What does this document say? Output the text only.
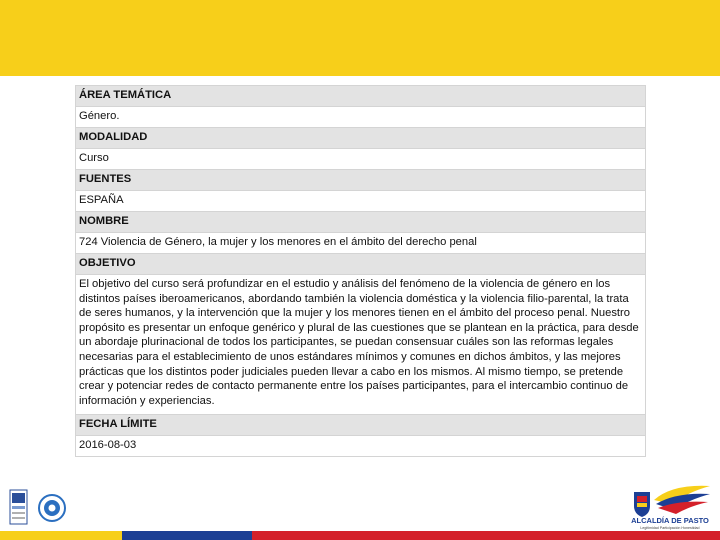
ÁREA TEMÁTICA
Género.
MODALIDAD
Curso
FUENTES
ESPAÑA
NOMBRE
724 Violencia de Género, la mujer y los menores en el ámbito del derecho penal
OBJETIVO
El objetivo del curso será profundizar en el estudio y análisis del fenómeno de la violencia de género en los distintos países iberoamericanos, abordando también la violencia doméstica y la violencia filio-parental, la trata de seres humanos, y la intervención que la mujer y los menores tienen en el ámbito del proceso penal. Nuestro propósito es presentar un enfoque genérico y plural de las cuestiones que se plantean en la práctica, para desde un abordaje plurinacional de todos los participantes, se puedan consensuar cuáles son las reformas legales necesarias para el establecimiento de unos estándares mínimos y comunes en dichos ámbitos, y las mejores prácticas que los distintos poder judiciales pueden llevar a cabo en los mismos. Al mismo tiempo, se pretende crear y potenciar redes de contacto permanente entre los países participantes, para el intercambio continuo de información y experiencias.
FECHA LÍMITE
2016-08-03
ALCALDÍA DE PASTO
Legitimidad Participación Honestidad
